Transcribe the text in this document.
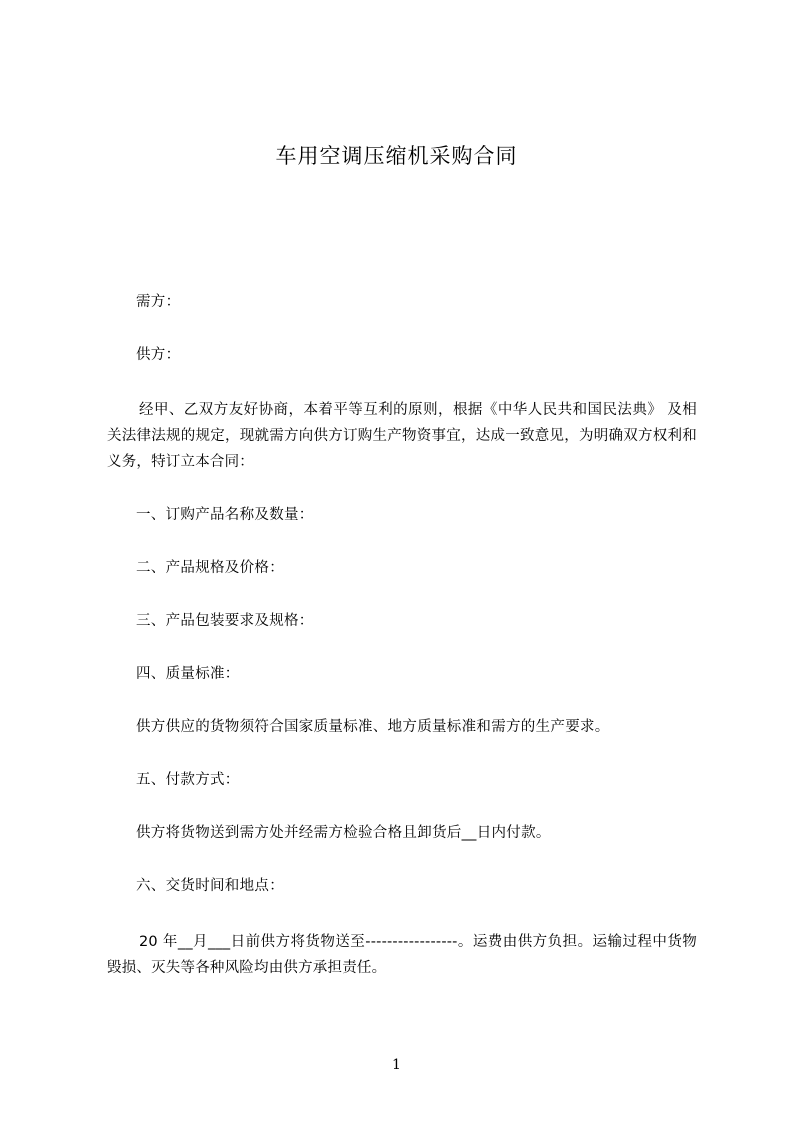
车用空调压缩机采购合同
需方：
供方：
经甲、乙双方友好协商，本着平等互利的原则，根据《中华人民共和国民法典》 及相关法律法规的规定，现就需方向供方订购生产物资事宜，达成一致意见，为明确双方权利和义务，特订立本合同：
一、订购产品名称及数量：
二、产品规格及价格：
三、产品包装要求及规格：
四、质量标准：
供方供应的货物须符合国家质量标准、地方质量标准和需方的生产要求。
五、付款方式：
供方将货物送到需方处并经需方检验合格且卸货后__日内付款。
六、交货时间和地点：
20 年__月___日前供方将货物送至-----------------。运费由供方负担。运输过程中货物毁损、灭失等各种风险均由供方承担责任。
1
